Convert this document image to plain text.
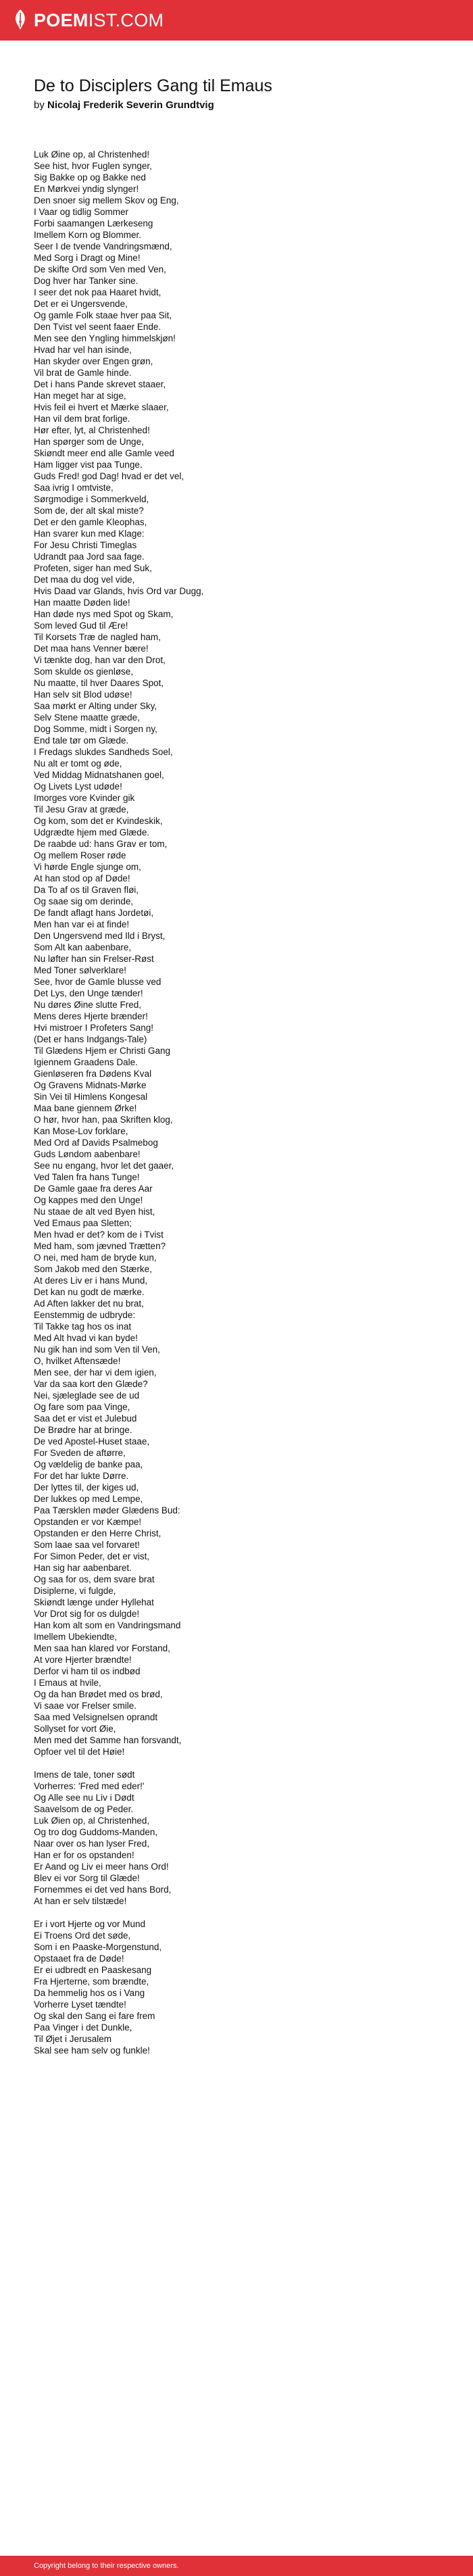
POEMIST.COM
De to Disciplers Gang til Emaus
by Nicolaj Frederik Severin Grundtvig

Luk Øine op, al Christenhed!
See hist, hvor Fuglen synger,
Sig Bakke op og Bakke ned
En Mørkvei yndig slynger!
Den snoer sig mellem Skov og Eng,
I Vaar og tidlig Sommer
Forbi saamangen Lærkeseng
Imellem Korn og Blommer.
Seer I de tvende Vandringsmænd,
Med Sorg i Dragt og Mine!
De skifte Ord som Ven med Ven,
Dog hver har Tanker sine.
I seer det nok paa Haaret hvidt,
Det er ei Ungersvende,
Og gamle Folk staae hver paa Sit,
Den Tvist vel seent faaer Ende.
Men see den Yngling himmelskjøn!
Hvad har vel han isinde,
Han skyder over Engen grøn,
Vil brat de Gamle hinde.
Det i hans Pande skrevet staaer,
Han meget har at sige,
Hvis feil ei hvert et Mærke slaaer,
Han vil dem brat forlige.
Hør efter, lyt, al Christenhed!
Han spørger som de Unge,
Skiøndt meer end alle Gamle veed
Ham ligger vist paa Tunge.
Guds Fred! god Dag! hvad er det vel,
Saa ivrig I omtviste,
Sørgmodige i Sommerkveld,
Som de, der alt skal miste?
Det er den gamle Kleophas,
Han svarer kun med Klage:
For Jesu Christi Timeglas
Udrandt paa Jord saa fage.
Profeten, siger han med Suk,
Det maa du dog vel vide,
Hvis Daad var Glands, hvis Ord var Dugg,
Han maatte Døden lide!
Han døde nys med Spot og Skam,
Som leved Gud til Ære!
Til Korsets Træ de nagled ham,
Det maa hans Venner bære!
Vi tænkte dog, han var den Drot,
Som skulde os gienløse,
Nu maatte, til hver Daares Spot,
Han selv sit Blod udøse!
Saa mørkt er Alting under Sky,
Selv Stene maatte græde,
Dog Somme, midt i Sorgen ny,
End tale tør om Glæde.
I Fredags slukdes Sandheds Soel,
Nu alt er tomt og øde,
Ved Middag Midnatshanen goel,
Og Livets Lyst udøde!
Imorges vore Kvinder gik
Til Jesu Grav at græde,
Og kom, som det er Kvindeskik,
Udgrædte hjem med Glæde.
De raabde ud: hans Grav er tom,
Og mellem Roser røde
Vi hørde Engle sjunge om,
At han stod op af Døde!
Da To af os til Graven fløi,
Og saae sig om derinde,
De fandt aflagt hans Jordetøi,
Men han var ei at finde!
Den Ungersvend med Ild i Bryst,
Som Alt kan aabenbare,
Nu løfter han sin Frelser-Røst
Med Toner sølverklare!
See, hvor de Gamle blusse ved
Det Lys, den Unge tænder!
Nu døres Øine slutte Fred,
Mens deres Hjerte brænder!
Hvi mistroer I Profeters Sang!
(Det er hans Indgangs-Tale)
Til Glædens Hjem er Christi Gang
Igiennem Graadens Dale.
Gienløseren fra Dødens Kval
Og Gravens Midnats-Mørke
Sin Vei til Himlens Kongesal
Maa bane giennem Ørke!
O hør, hvor han, paa Skriften klog,
Kan Mose-Lov forklare,
Med Ord af Davids Psalmebog
Guds Løndom aabenbare!
See nu engang, hvor let det gaaer,
Ved Talen fra hans Tunge!
De Gamle gaae fra deres Aar
Og kappes med den Unge!
Nu staae de alt ved Byen hist,
Ved Emaus paa Sletten;
Men hvad er det? kom de i Tvist
Med ham, som jævned Trætten?
O nei, med ham de bryde kun,
Som Jakob med den Stærke,
At deres Liv er i hans Mund,
Det kan nu godt de mærke.
Ad Aften lakker det nu brat,
Eenstemmig de udbryde:
Til Takke tag hos os inat
Med Alt hvad vi kan byde!
Nu gik han ind som Ven til Ven,
O, hvilket Aftensæde!
Men see, der har vi dem igien,
Var da saa kort den Glæde?
Nei, sjæleglade see de ud
Og fare som paa Vinge,
Saa det er vist et Julebud
De Brødre har at bringe.
De ved Apostel-Huset staae,
For Sveden de aftørre,
Og vældelig de banke paa,
For det har lukte Dørre.
Der lyttes til, der kiges ud,
Der lukkes op med Lempe,
Paa Tærsklen møder Glædens Bud:
Opstanden er vor Kæmpe!
Opstanden er den Herre Christ,
Som laae saa vel forvaret!
For Simon Peder, det er vist,
Han sig har aabenbaret.
Og saa for os, dem svare brat
Disiplerne, vi fulgde,
Skiøndt længe under Hyllehat
Vor Drot sig for os dulgde!
Han kom alt som en Vandringsmand
Imellem Ubekiendte,
Men saa han klared vor Forstand,
At vore Hjerter brændte!
Derfor vi ham til os indbød
I Emaus at hvile,
Og da han Brødet med os brød,
Vi saae vor Frelser smile.
Saa med Velsignelsen oprandt
Sollyset for vort Øie,
Men med det Samme han forsvandt,
Opfoer vel til det Høie!

Imens de tale, toner sødt
Vorherres: 'Fred med eder!'
Og Alle see nu Liv i Dødt
Saavelsom de og Peder.
Luk Øien op, al Christenhed,
Og tro dog Guddoms-Manden,
Naar over os han lyser Fred,
Han er for os opstanden!
Er Aand og Liv ei meer hans Ord!
Blev ei vor Sorg til Glæde!
Fornemmes ei det ved hans Bord,
At han er selv tilstæde!

Er i vort Hjerte og vor Mund
Ei Troens Ord det søde,
Som i en Paaske-Morgenstund,
Opstaaet fra de Døde!
Er ei udbredt en Paaskesang
Fra Hjerterne, som brændte,
Da hemmelig hos os i Vang
Vorherre Lyset tændte!
Og skal den Sang ei fare frem
Paa Vinger i det Dunkle,
Til Øjet i Jerusalem
Skal see ham selv og funkle!

Copyright belong to their respective owners.
